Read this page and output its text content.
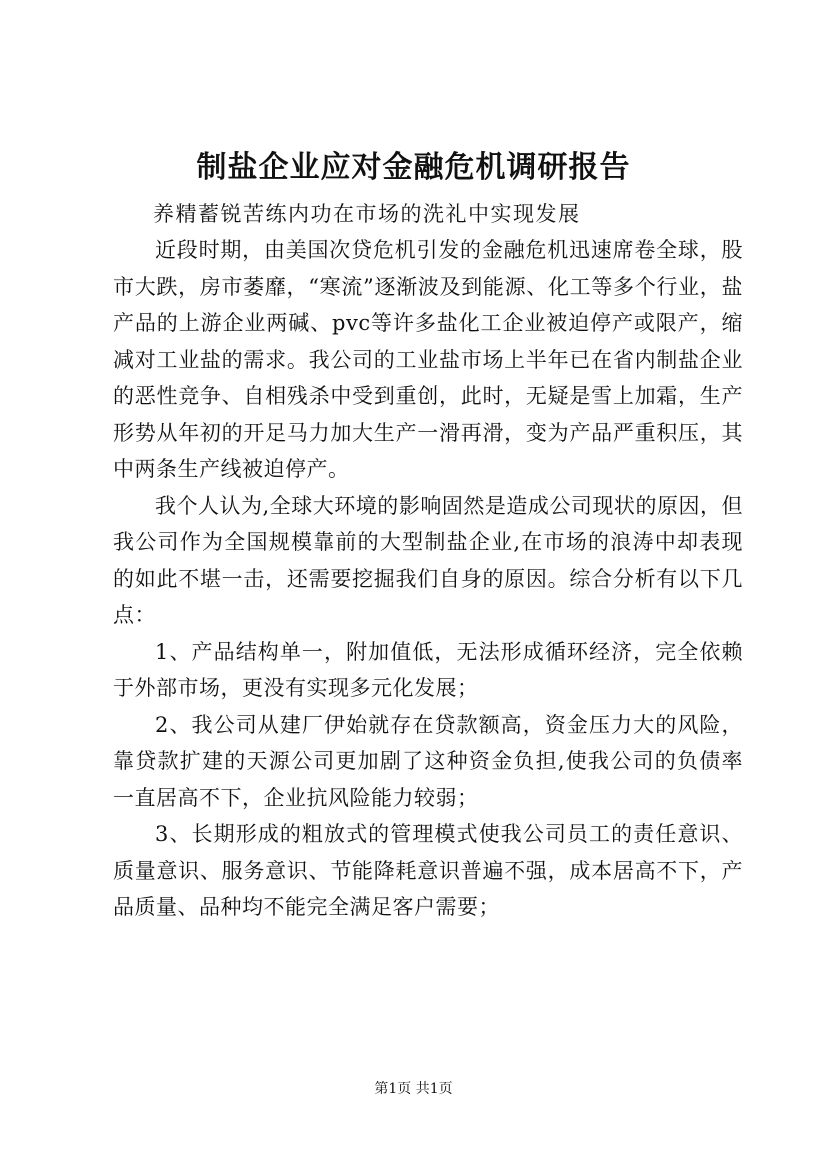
制盐企业应对金融危机调研报告
养精蓄锐苦练内功在市场的洗礼中实现发展

近段时期，由美国次贷危机引发的金融危机迅速席卷全球，股市大跌，房市萎靡，“寒流”逐渐波及到能源、化工等多个行业，盐产品的上游企业两碱、pvc等许多盐化工企业被迫停产或限产，缩减对工业盐的需求。我公司的工业盐市场上半年已在省内制盐企业的恶性竞争、自相残杀中受到重创，此时，无疑是雪上加霜，生产形势从年初的开足马力加大生产一滑再滑，变为产品严重积压，其中两条生产线被迫停产。

我个人认为,全球大环境的影响固然是造成公司现状的原因，但我公司作为全国规模靠前的大型制盐企业,在市场的浪涛中却表现的如此不堪一击，还需要挖掘我们自身的原因。综合分析有以下几点：

1、产品结构单一，附加值低，无法形成循环经济，完全依赖于外部市场，更没有实现多元化发展；

2、我公司从建厂伊始就存在贷款额高，资金压力大的风险，靠贷款扩建的天源公司更加剧了这种资金负担,使我公司的负债率一直居高不下，企业抗风险能力较弱；

3、长期形成的粗放式的管理模式使我公司员工的责任意识、质量意识、服务意识、节能降耗意识普遍不强，成本居高不下，产品质量、品种均不能完全满足客户需要；

第1页 共1页
